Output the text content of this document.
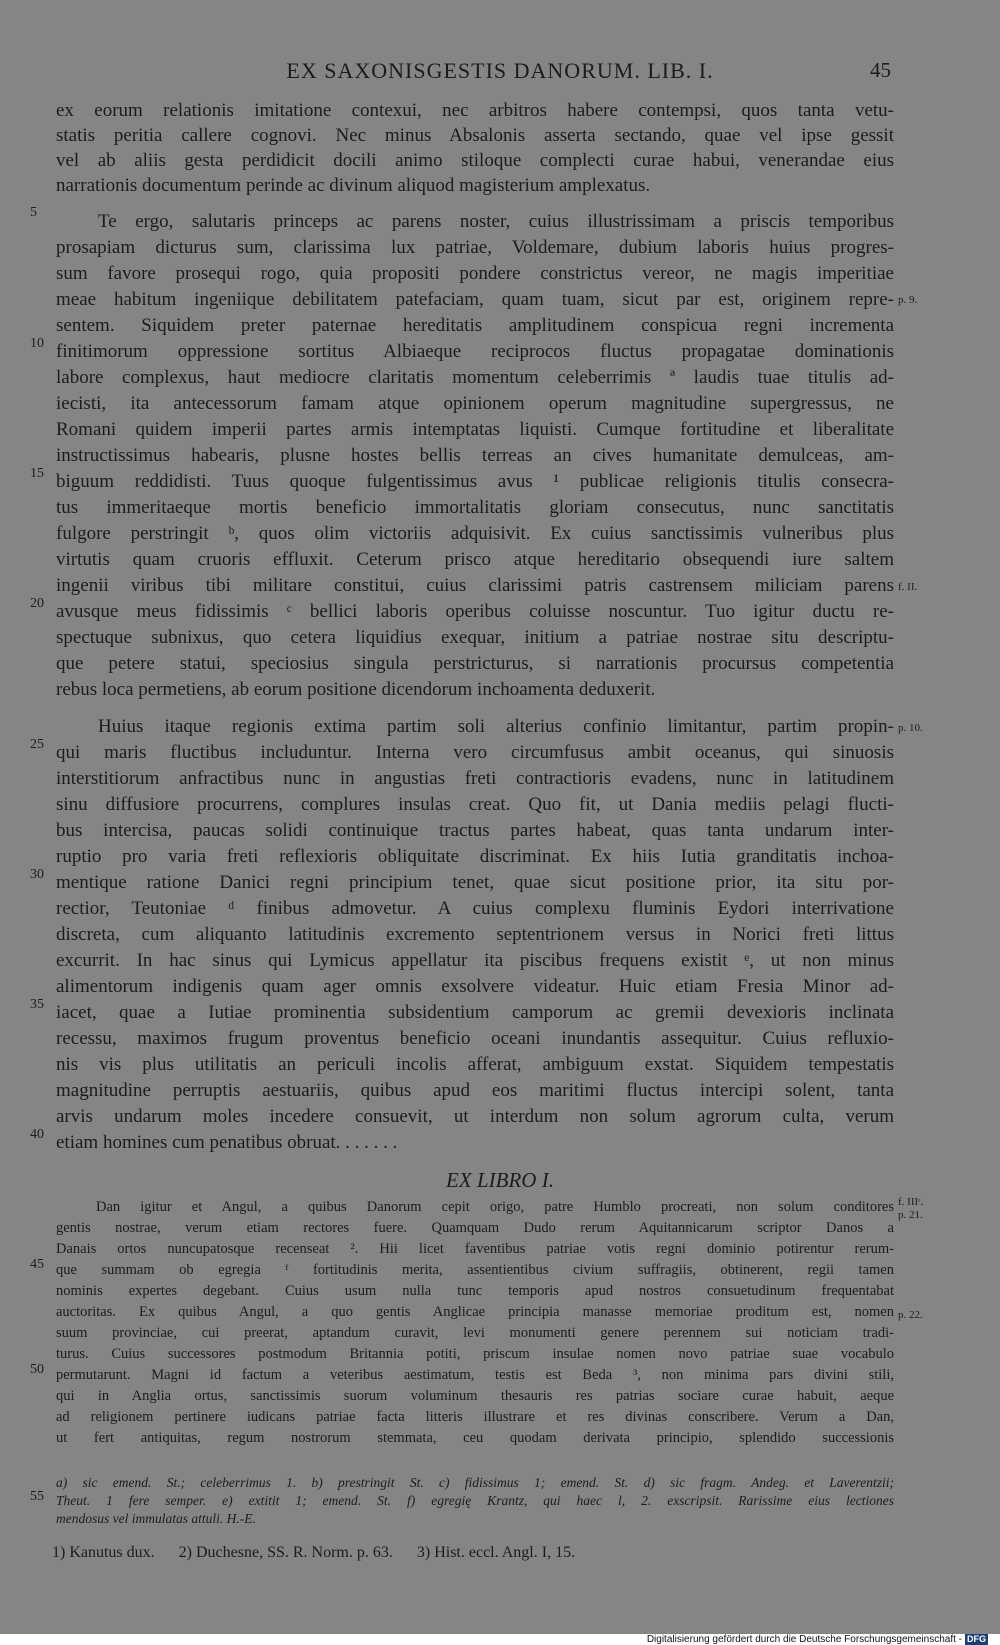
EX SAXONISGESTIS DANORUM. LIB. I.	45

ex eorum relationis imitatione contexui, nec arbitros habere contempsi, quos tanta vetu-

statis peritia callere cognovi. Nec minus Absalonis asserta sectando, quae vel ipse gessit

vel ab aliis gesta perdidicit docili animo stiloque complecti curae habui, venerandae eius

narrationis documentum perinde ac divinum aliquod magisterium amplexatus.

Te ergo, salutaris princeps ac parens noster, cuius illustrissimam a priscis temporibus

prosapiam dicturus sum, clarissima lux patriae, Voldemare, dubium laboris huius progres-

sum favore prosequi rogo, quia propositi pondere constrictus vereor, ne magis imperitiae

meae habitum ingeniique debilitatem patefaciam, quam tuam, sicut par est, originem repre-

sentem. Siquidem preter paternae hereditatis amplitudinem conspicua regni incrementa

finitimorum oppressione sortitus Albiaeque reciprocos fluctus propagatae dominationis

labore complexus, haut mediocre claritatis momentum celeberrimis ª laudis tuae titulis ad-

iecisti, ita antecessorum famam atque opinionem operum magnitudine supergressus, ne

Romani quidem imperii partes armis intemptatas liquisti. Cumque fortitudine et liberalitate

instructissimus habearis, plusne hostes bellis terreas an cives humanitate demulceas, am-

biguum reddidisti. Tuus quoque fulgentissimus avus ¹ publicae religionis titulis consecra-

tus immeritaeque mortis beneficio immortalitatis gloriam consecutus, nunc sanctitatis

fulgore perstringit ᵇ, quos olim victoriis adquisivit. Ex cuius sanctissimis vulneribus plus

virtutis quam cruoris effluxit. Ceterum prisco atque hereditario obsequendi iure saltem

ingenii viribus tibi militare constitui, cuius clarissimi patris castrensem miliciam parens

avusque meus fidissimis ᶜ bellici laboris operibus coluisse noscuntur. Tuo igitur ductu re-

spectuque subnixus, quo cetera liquidius exequar, initium a patriae nostrae situ descriptu-

que petere statui, speciosius singula perstricturus, si narrationis procursus competentia

rebus loca permetiens, ab eorum positione dicendorum inchoamenta deduxerit.

Huius itaque regionis extima partim soli alterius confinio limitantur, partim propin-

qui maris fluctibus includuntur. Interna vero circumfusus ambit oceanus, qui sinuosis

interstitiorum anfractibus nunc in angustias freti contractioris evadens, nunc in latitudinem

sinu diffusiore procurrens, complures insulas creat. Quo fit, ut Dania mediis pelagi flucti-

bus intercisa, paucas solidi continuique tractus partes habeat, quas tanta undarum inter-

ruptio pro varia freti reflexioris obliquitate discriminat. Ex hiis Iutia granditatis inchoa-

mentique ratione Danici regni principium tenet, quae sicut positione prior, ita situ por-

rectior, Teutoniae ᵈ finibus admovetur. A cuius complexu fluminis Eydori interrivatione

discreta, cum aliquanto latitudinis excremento septentrionem versus in Norici freti littus

excurrit. In hac sinus qui Lymicus appellatur ita piscibus frequens existit ᵉ, ut non minus

alimentorum indigenis quam ager omnis exsolvere videatur. Huic etiam Fresia Minor ad-

iacet, quae a Iutiae prominentia subsidentium camporum ac gremii devexioris inclinata

recessu, maximos frugum proventus beneficio oceani inundantis assequitur. Cuius refluxio-

nis vis plus utilitatis an periculi incolis afferat, ambiguum exstat. Siquidem tempestatis

magnitudine perruptis aestuariis, quibus apud eos maritimi fluctus intercipi solent, tanta

arvis undarum moles incedere consuevit, ut interdum non solum agrorum culta, verum

etiam homines cum penatibus obruat. . . . . . .

EX LIBRO I.

Dan igitur et Angul, a quibus Danorum cepit origo, patre Humblo procreati, non solum conditores

gentis nostrae, verum etiam rectores fuere. Quamquam Dudo rerum Aquitannicarum scriptor Danos a

Danais ortos nuncupatosque recenseat ². Hii licet faventibus patriae votis regni dominio potirentur rerum-

que summam ob egregia ᶠ fortitudinis merita, assentientibus civium suffragiis, obtinerent, regii tamen

nominis expertes degebant. Cuius usum nulla tunc temporis apud nostros consuetudinum frequentabat

auctoritas. Ex quibus Angul, a quo gentis Anglicae principia manasse memoriae proditum est, nomen

suum provinciae, cui preerat, aptandum curavit, levi monumenti genere perennem sui noticiam tradi-

turus. Cuius successores postmodum Britannia potiti, priscum insulae nomen novo patriae suae vocabulo

permutarunt. Magni id factum a veteribus aestimatum, testis est Beda ³, non minima pars divini stili,

qui in Anglia ortus, sanctissimis suorum voluminum thesauris res patrias sociare curae habuit, aeque

ad religionem pertinere iudicans patriae facta litteris illustrare et res divinas conscribere. Verum a Dan,

ut fert antiquitas, regum nostrorum stemmata, ceu quodam derivata principio, splendido successionis

a) sic emend. St.; celeberrimus 1. b) prestringit St. c) fidissimus 1; emend. St. d) sic fragm. Andeg. et Laverentzii;

Theut. 1 fere semper. e) extitit 1; emend. St. f) egregię Krantz, qui haec l, 2. exscripsit. Rarissime eius lectiones

mendosus vel immulatas attuli. H.-E.

1) Kanutus dux.      2) Duchesne, SS. R. Norm. p. 63.      3) Hist. eccl. Angl. I, 15.

5
10
15
20
25
30
35
40
45
50
55
p. 9.
f. II.
p. 10.
f. IIIʳ.
p. 21.
p. 22.
Digitalisierung gefördert durch die Deutsche Forschungsgemeinschaft - DFG
